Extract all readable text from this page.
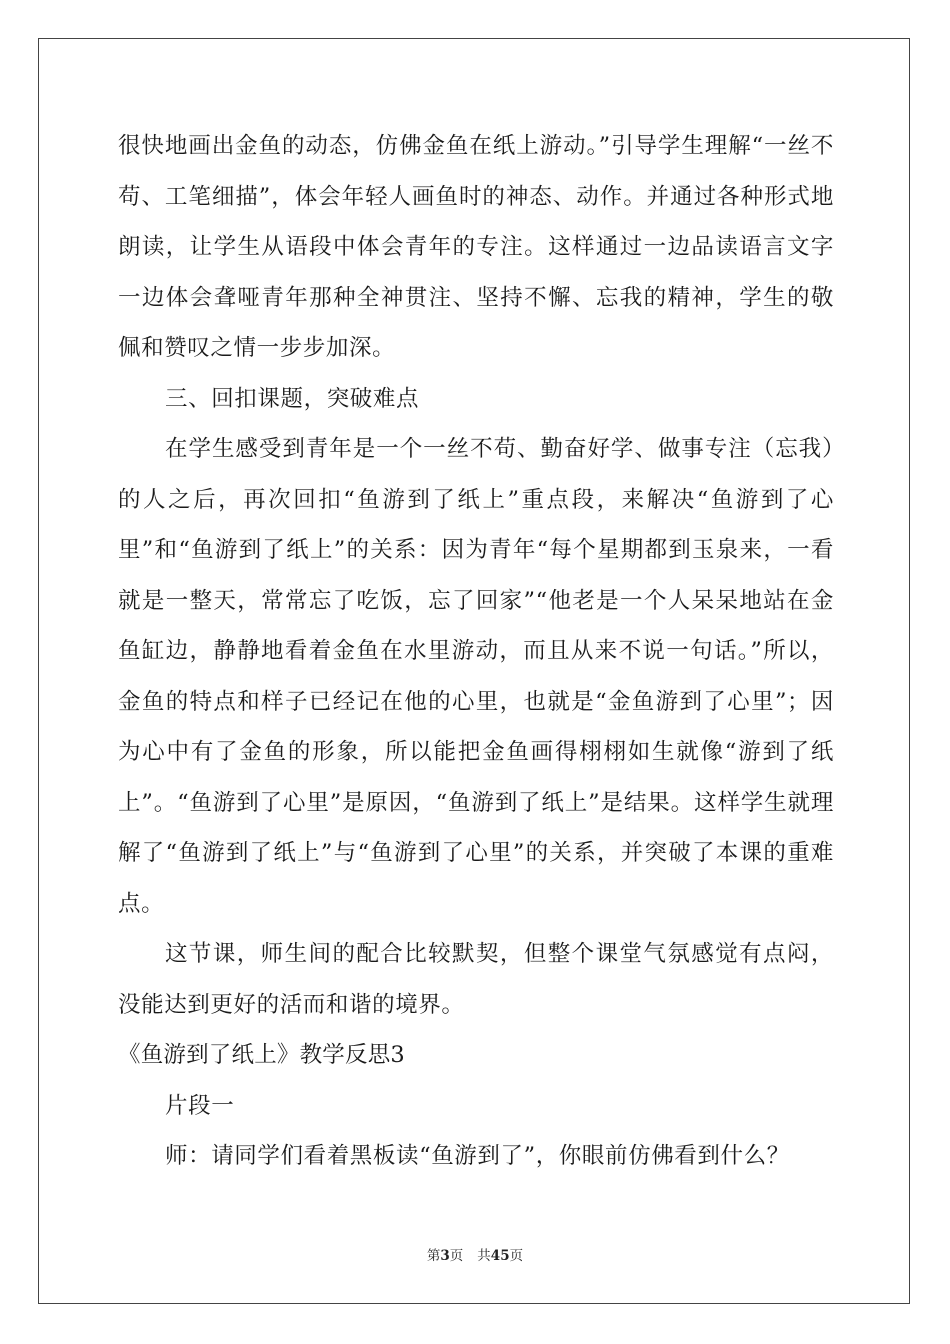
很快地画出金鱼的动态，仿佛金鱼在纸上游动。”引导学生理解“一丝不苟、工笔细描”，体会年轻人画鱼时的神态、动作。并通过各种形式地朗读，让学生从语段中体会青年的专注。这样通过一边品读语言文字一边体会聋哑青年那种全神贯注、坚持不懈、忘我的精神，学生的敬佩和赞叹之情一步步加深。

三、回扣课题，突破难点

在学生感受到青年是一个一丝不苟、勤奋好学、做事专注（忘我）的人之后，再次回扣“鱼游到了纸上”重点段，来解决“鱼游到了心里”和“鱼游到了纸上”的关系：因为青年“每个星期都到玉泉来，一看就是一整天，常常忘了吃饭，忘了回家”“他老是一个人呆呆地站在金鱼缸边，静静地看着金鱼在水里游动，而且从来不说一句话。”所以，金鱼的特点和样子已经记在他的心里，也就是“金鱼游到了心里”；因为心中有了金鱼的形象，所以能把金鱼画得栩栩如生就像“游到了纸上”。“鱼游到了心里”是原因，“鱼游到了纸上”是结果。这样学生就理解了“鱼游到了纸上”与“鱼游到了心里”的关系，并突破了本课的重难点。

这节课，师生间的配合比较默契，但整个课堂气氛感觉有点闷，没能达到更好的活而和谐的境界。

《鱼游到了纸上》教学反思3

片段一

师：请同学们看着黑板读“鱼游到了”，你眼前仿佛看到什么？

第3页 共45页
